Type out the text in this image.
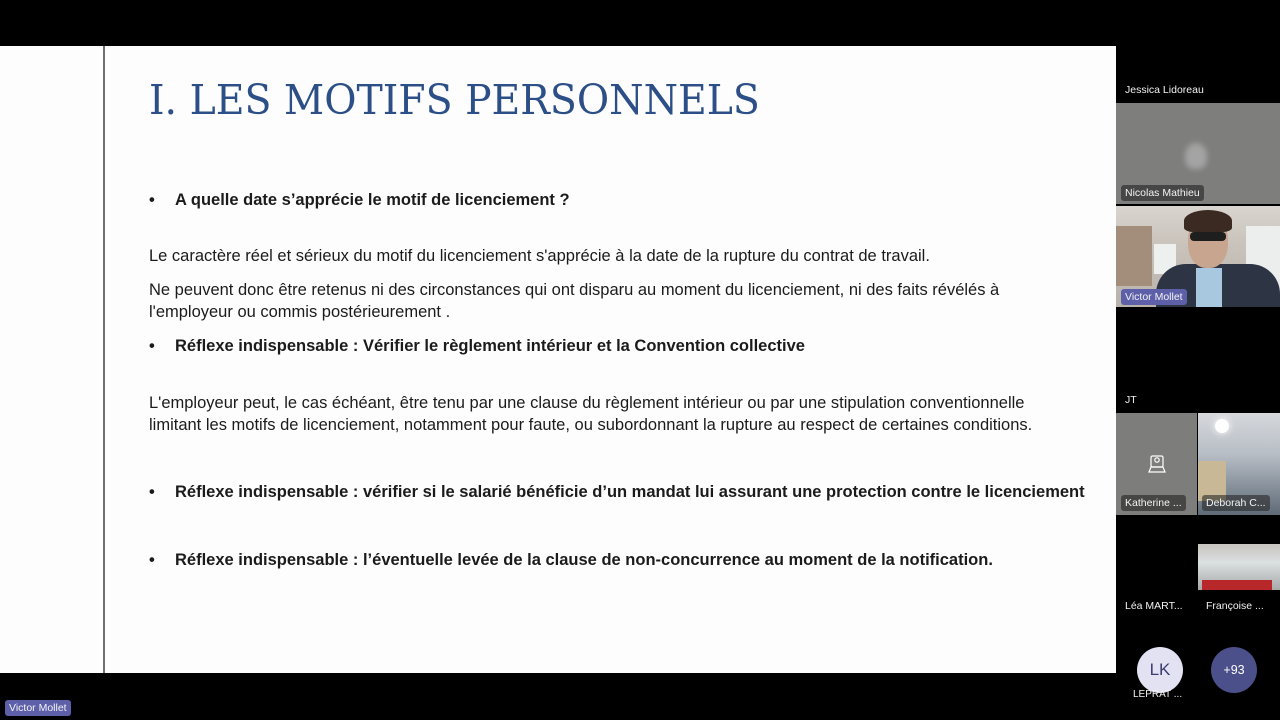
I. LES MOTIFS PERSONNELS
• A quelle date s’apprécie le motif de licenciement ?
Le caractère réel et sérieux du motif du licenciement s'apprécie à la date de la rupture du contrat de travail.
Ne peuvent donc être retenus ni des circonstances qui ont disparu au moment du licenciement, ni des faits révélés à
l'employeur ou commis postérieurement .
• Réflexe indispensable : Vérifier le règlement intérieur et la Convention collective
L'employeur peut, le cas échéant, être tenu par une clause du règlement intérieur ou par une stipulation conventionnelle
limitant les motifs de licenciement, notamment pour faute, ou subordonnant la rupture au respect de certaines conditions.
• Réflexe indispensable : vérifier si le salarié bénéficie d’un mandat lui assurant une protection contre le licenciement
• Réflexe indispensable : l’éventuelle levée de la clause de non-concurrence au moment de la notification.
Jessica Lidoreau
Nicolas Mathieu
Victor Mollet
JT
Katherine ...	Deborah C...
Léa MART... Françoise ...
LK
LEPRAT ...
+93
Victor Mollet
